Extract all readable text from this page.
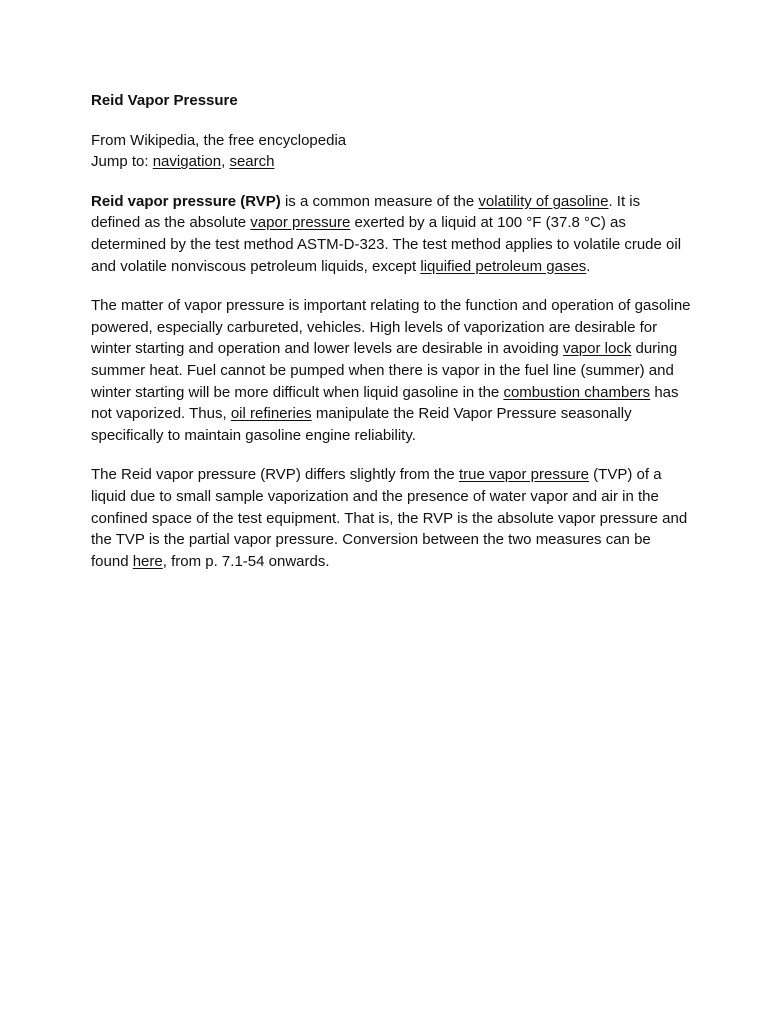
Reid Vapor Pressure

From Wikipedia, the free encyclopedia
Jump to: navigation, search

Reid vapor pressure (RVP) is a common measure of the volatility of gasoline. It is defined as the absolute vapor pressure exerted by a liquid at 100 °F (37.8 °C) as determined by the test method ASTM-D-323. The test method applies to volatile crude oil and volatile nonviscous petroleum liquids, except liquified petroleum gases.

The matter of vapor pressure is important relating to the function and operation of gasoline powered, especially carbureted, vehicles. High levels of vaporization are desirable for winter starting and operation and lower levels are desirable in avoiding vapor lock during summer heat. Fuel cannot be pumped when there is vapor in the fuel line (summer) and winter starting will be more difficult when liquid gasoline in the combustion chambers has not vaporized. Thus, oil refineries manipulate the Reid Vapor Pressure seasonally specifically to maintain gasoline engine reliability.

The Reid vapor pressure (RVP) differs slightly from the true vapor pressure (TVP) of a liquid due to small sample vaporization and the presence of water vapor and air in the confined space of the test equipment. That is, the RVP is the absolute vapor pressure and the TVP is the partial vapor pressure. Conversion between the two measures can be found here, from p. 7.1-54 onwards.
